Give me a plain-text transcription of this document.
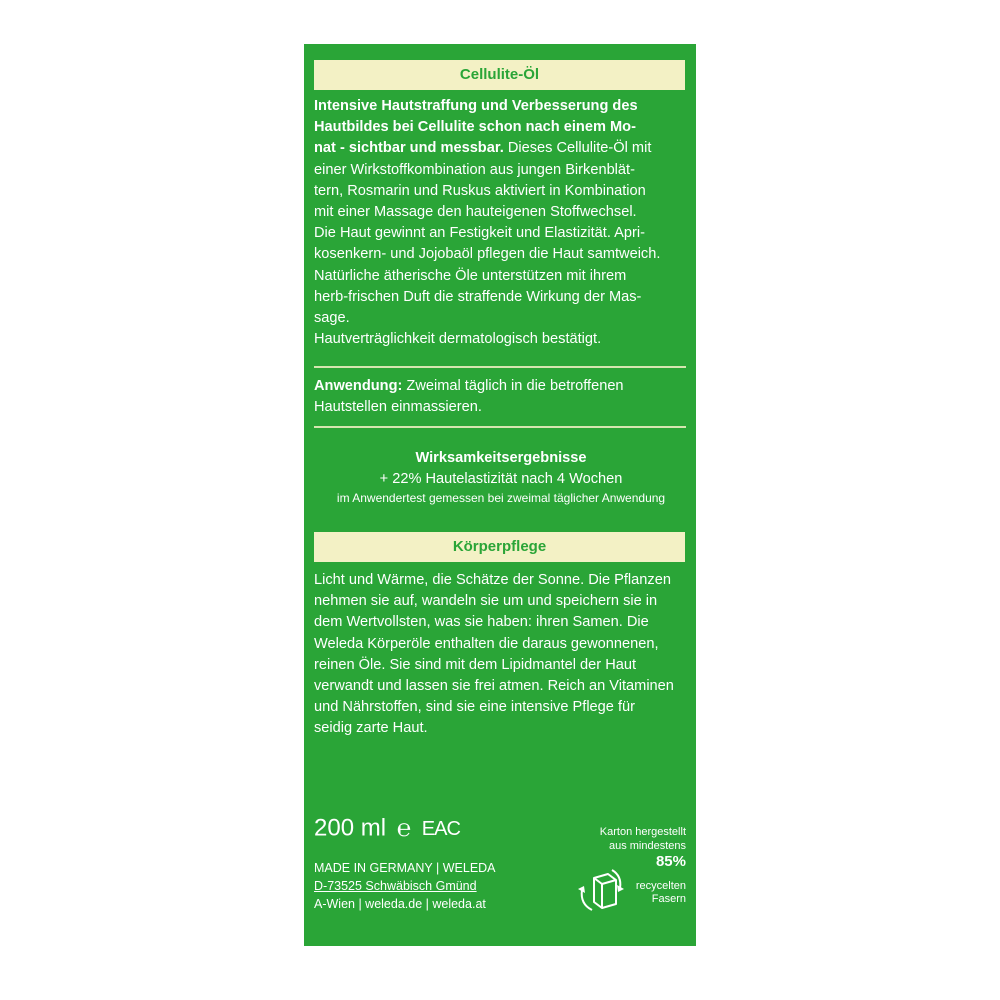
Cellulite-Öl

Intensive Hautstraffung und Verbesserung des

Hautbildes bei Cellulite schon nach einem Mo-

nat - sichtbar und messbar. Dieses Cellulite-Öl mit

einer Wirkstoffkombination aus jungen Birkenblät-

tern, Rosmarin und Ruskus aktiviert in Kombination

mit einer Massage den hauteigenen Stoffwechsel.

Die Haut gewinnt an Festigkeit und Elastizität. Apri-

kosenkern- und Jojobaöl pflegen die Haut samtweich.

Natürliche ätherische Öle unterstützen mit ihrem

herb-frischen Duft die straffende Wirkung der Mas-

sage.

Hautverträglichkeit dermatologisch bestätigt.

Anwendung: Zweimal täglich in die betroffenen

Hautstellen einmassieren.

Wirksamkeitsergebnisse

+ 22% Hautelastizität nach 4 Wochen

im Anwendertest gemessen bei zweimal täglicher Anwendung

Körperpflege

Licht und Wärme, die Schätze der Sonne. Die Pflanzen

nehmen sie auf, wandeln sie um und speichern sie in

dem Wertvollsten, was sie haben: ihren Samen. Die

Weleda Körperöle enthalten die daraus gewonnenen,

reinen Öle. Sie sind mit dem Lipidmantel der Haut

verwandt und lassen sie frei atmen. Reich an Vitaminen

und Nährstoffen, sind sie eine intensive Pflege für

seidig zarte Haut.

200 ml ℮ EAC
MADE IN GERMANY | WELEDA
D-73525 Schwäbisch Gmünd
A-Wien | weleda.de | weleda.at
Karton hergestellt
aus mindestens
85%
recycelten
Fasern
